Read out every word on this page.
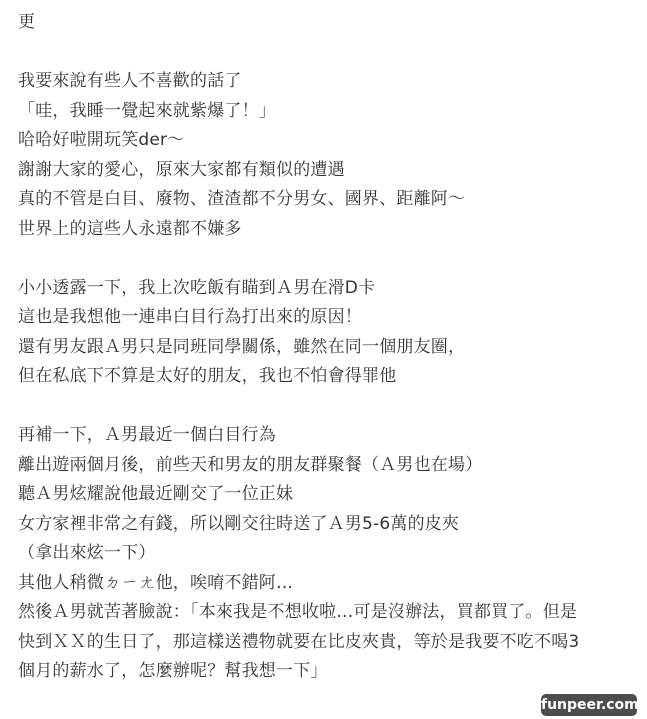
更
我要來說有些人不喜歡的話了
「哇，我睡一覺起來就紫爆了！」
哈哈好啦開玩笑der～
謝謝大家的愛心，原來大家都有類似的遭遇
真的不管是白目、廢物、渣渣都不分男女、國界、距離阿～
世界上的這些人永遠都不嫌多
小小透露一下，我上次吃飯有瞄到Ａ男在滑D卡
這也是我想他一連串白目行為打出來的原因！
還有男友跟Ａ男只是同班同學關係，雖然在同一個朋友圈，
但在私底下不算是太好的朋友，我也不怕會得罪他
再補一下，Ａ男最近一個白目行為
離出遊兩個月後，前些天和男友的朋友群聚餐（Ａ男也在場）
聽Ａ男炫耀說他最近剛交了一位正妹
女方家裡非常之有錢，所以剛交往時送了Ａ男5-6萬的皮夾
（拿出來炫一下）
其他人稍微ㄉㄧㄤ他，唉唷不錯阿…
然後Ａ男就苦著臉說：「本來我是不想收啦…可是沒辦法，買都買了。但是
快到ＸＸ的生日了，那這樣送禮物就要在比皮夾貴，等於是我要不吃不喝3
個月的薪水了，怎麼辦呢？幫我想一下」
funpeer.com
